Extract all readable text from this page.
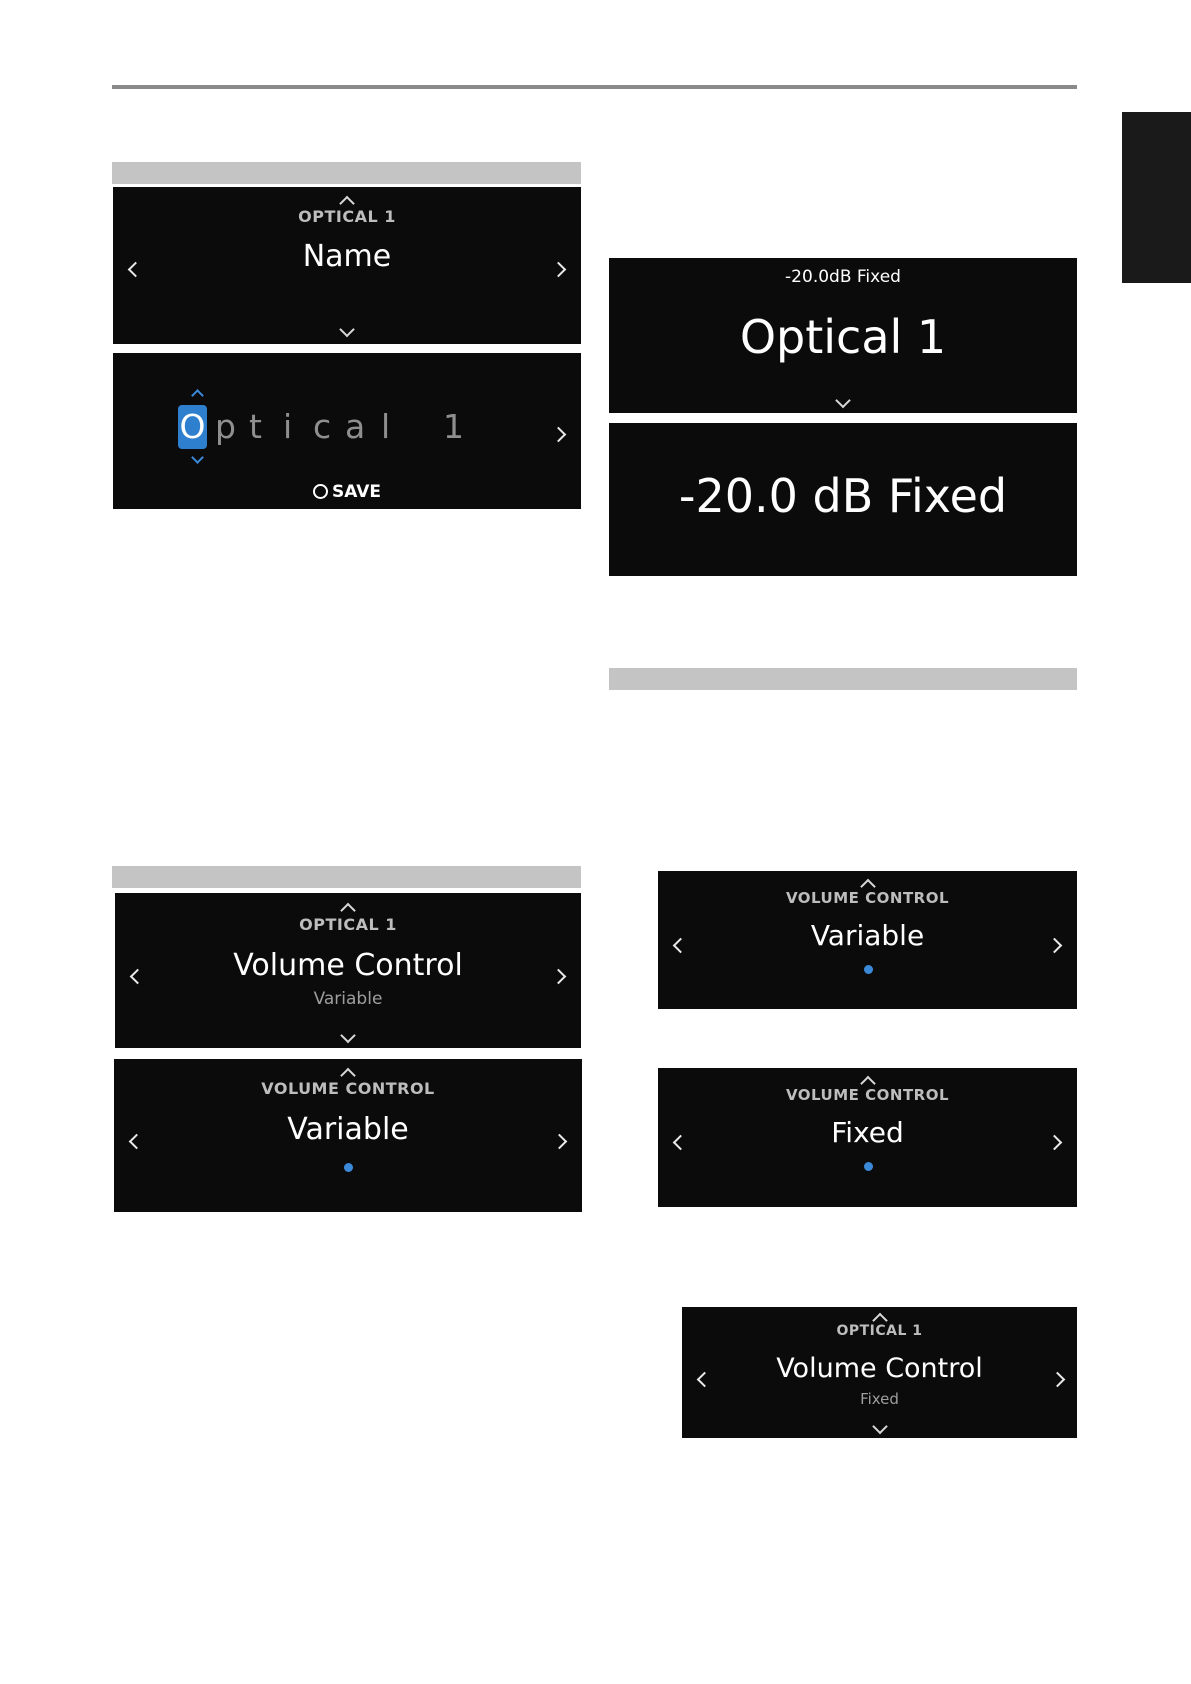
OPTICAL 1
Name
O p t i c a l 1
SAVE
-20.0dB Fixed
Optical 1
-20.0 dB Fixed
OPTICAL 1
Volume Control
Variable
VOLUME CONTROL
Variable
VOLUME CONTROL
Variable
VOLUME CONTROL
Fixed
OPTICAL 1
Volume Control
Fixed
